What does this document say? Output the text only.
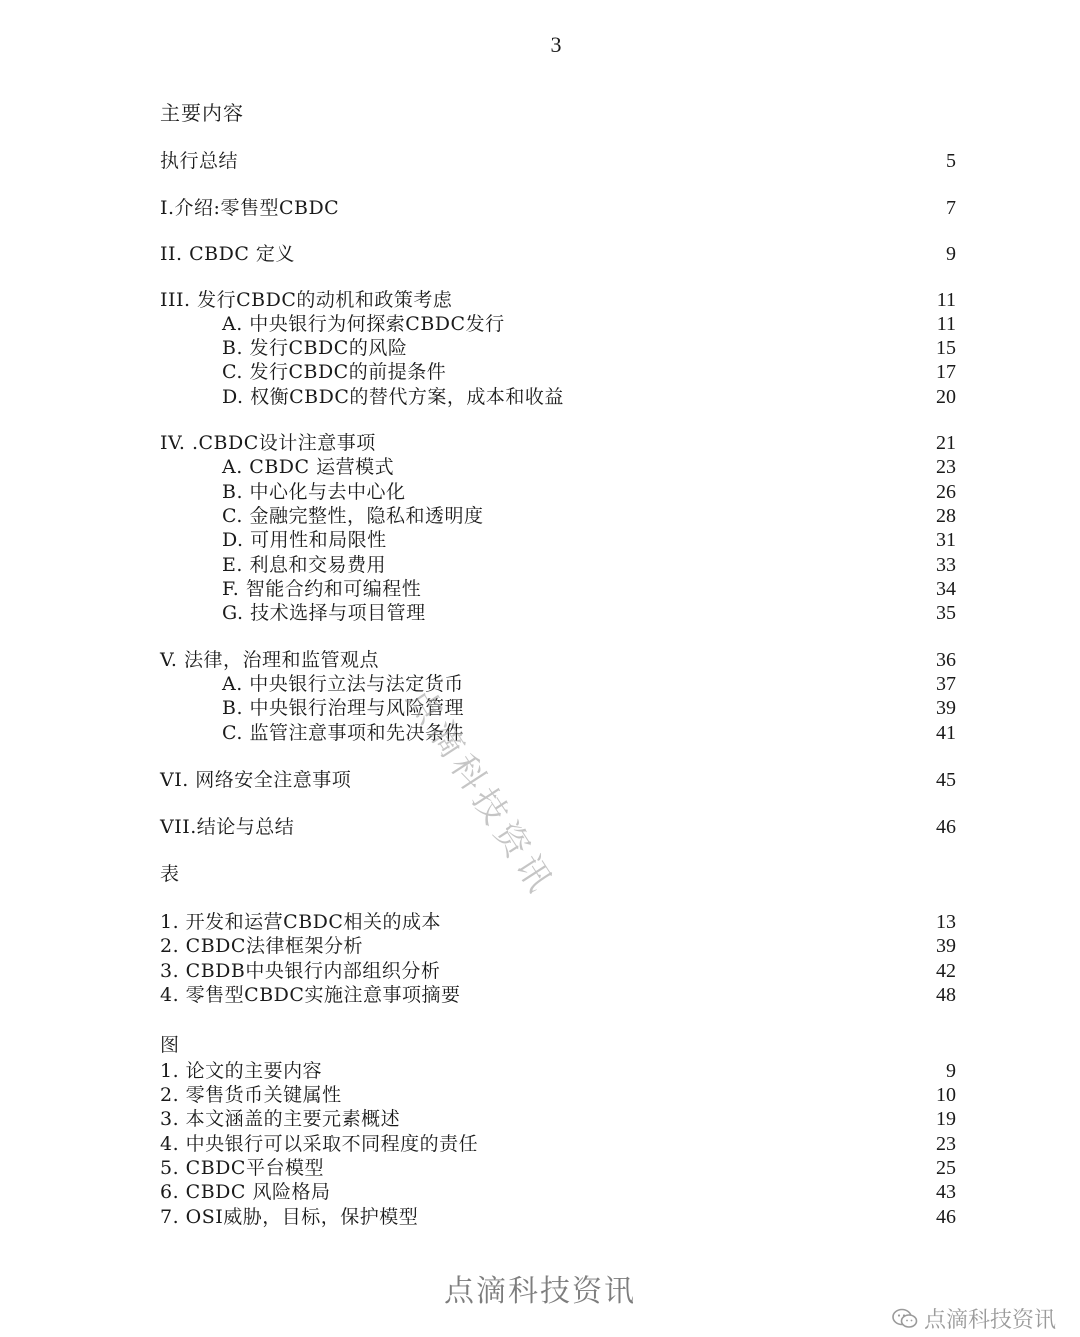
3
主要内容
执行总结	5
I.介绍:零售型CBDC	7
II. CBDC 定义	9
III. 发行CBDC的动机和政策考虑	11
A. 中央银行为何探索CBDC发行	11
B. 发行CBDC的风险	15
C. 发行CBDC的前提条件	17
D. 权衡CBDC的替代方案，成本和收益	20
IV. .CBDC设计注意事项	21
A. CBDC 运营模式	23
B. 中心化与去中心化	26
C. 金融完整性，隐私和透明度	28
D. 可用性和局限性	31
E. 利息和交易费用	33
F. 智能合约和可编程性	34
G. 技术选择与项目管理	35
V. 法律，治理和监管观点	36
A. 中央银行立法与法定货币	37
B. 中央银行治理与风险管理	39
C. 监管注意事项和先决条件	41
VI. 网络安全注意事项	45
VII.结论与总结	46
表
1. 开发和运营CBDC相关的成本	13
2. CBDC法律框架分析	39
3. CBDB中央银行内部组织分析	42
4. 零售型CBDC实施注意事项摘要	48
图
1. 论文的主要内容	9
2. 零售货币关键属性	10
3. 本文涵盖的主要元素概述	19
4. 中央银行可以采取不同程度的责任	23
5. CBDC平台模型	25
6. CBDC 风险格局	43
7. OSI威胁，目标，保护模型	46
点滴科技资讯
点滴科技资讯
点滴科技资讯
